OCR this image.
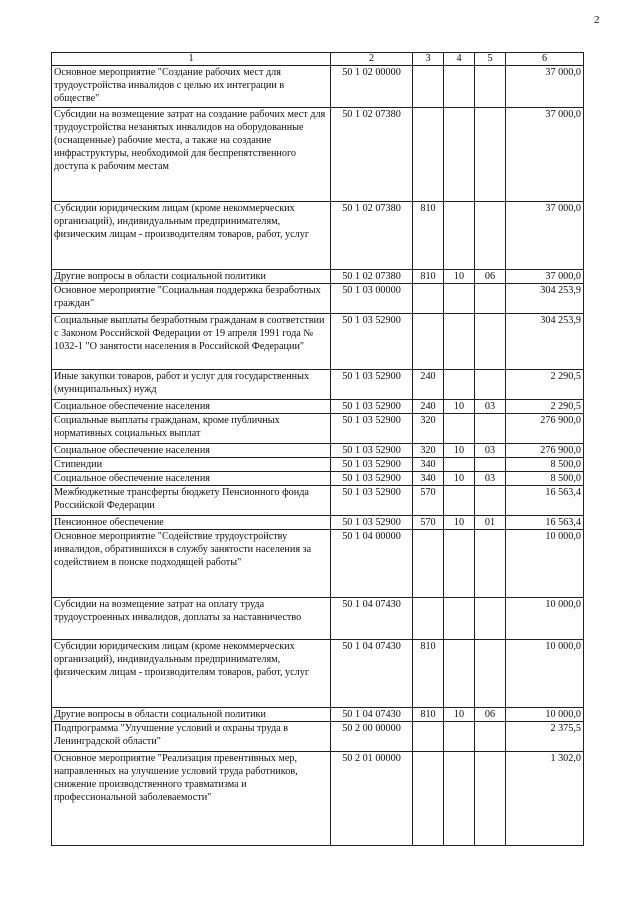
2
1	2	3	4	5	6
Основное мероприятие "Создание рабочих мест для трудоустройства инвалидов с целью их интеграции в обществе"	50 1 02 00000				37 000,0
Субсидии на возмещение затрат на создание рабочих мест для трудоустройства незанятых инвалидов на оборудованные (оснащенные) рабочие места, а также на создание инфраструктуры, необходимой для беспрепятственного доступа к рабочим местам	50 1 02 07380				37 000,0
Субсидии юридическим лицам (кроме некоммерческих организаций), индивидуальным предпринимателям, физическим лицам - производителям товаров, работ, услуг	50 1 02 07380	810			37 000,0
Другие вопросы в области социальной политики	50 1 02 07380	810	10	06	37 000,0
Основное мероприятие "Социальная поддержка безработных граждан"	50 1 03 00000				304 253,9
Социальные выплаты безработным гражданам в соответствии с Законом Российской Федерации от 19 апреля 1991 года № 1032-1 "О занятости населения в Российской Федерации"	50 1 03 52900				304 253,9
Иные закупки товаров, работ и услуг для государственных (муниципальных) нужд	50 1 03 52900	240			2 290,5
Социальное обеспечение населения	50 1 03 52900	240	10	03	2 290,5
Социальные выплаты гражданам, кроме публичных нормативных социальных выплат	50 1 03 52900	320			276 900,0
Социальное обеспечение населения	50 1 03 52900	320	10	03	276 900,0
Стипендии	50 1 03 52900	340			8 500,0
Социальное обеспечение населения	50 1 03 52900	340	10	03	8 500,0
Межбюджетные трансферты бюджету Пенсионного фонда Российской Федерации	50 1 03 52900	570			16 563,4
Пенсионное обеспечение	50 1 03 52900	570	10	01	16 563,4
Основное мероприятие "Содействие трудоустройству инвалидов, обратившихся в службу занятости населения за содействием в поиске подходящей работы"	50 1 04 00000				10 000,0
Субсидии на возмещение затрат на оплату труда трудоустроенных инвалидов, доплаты за наставничество	50 1 04 07430				10 000,0
Субсидии юридическим лицам (кроме некоммерческих организаций), индивидуальным предпринимателям, физическим лицам - производителям товаров, работ, услуг	50 1 04 07430	810			10 000,0
Другие вопросы в области социальной политики	50 1 04 07430	810	10	06	10 000,0
Подпрограмма "Улучшение условий и охраны труда в Ленинградской области"	50 2 00 00000				2 375,5
Основное мероприятие "Реализация превентивных мер, направленных на улучшение условий труда работников, снижение производственного травматизма и профессиональной заболеваемости"	50 2 01 00000				1 302,0
